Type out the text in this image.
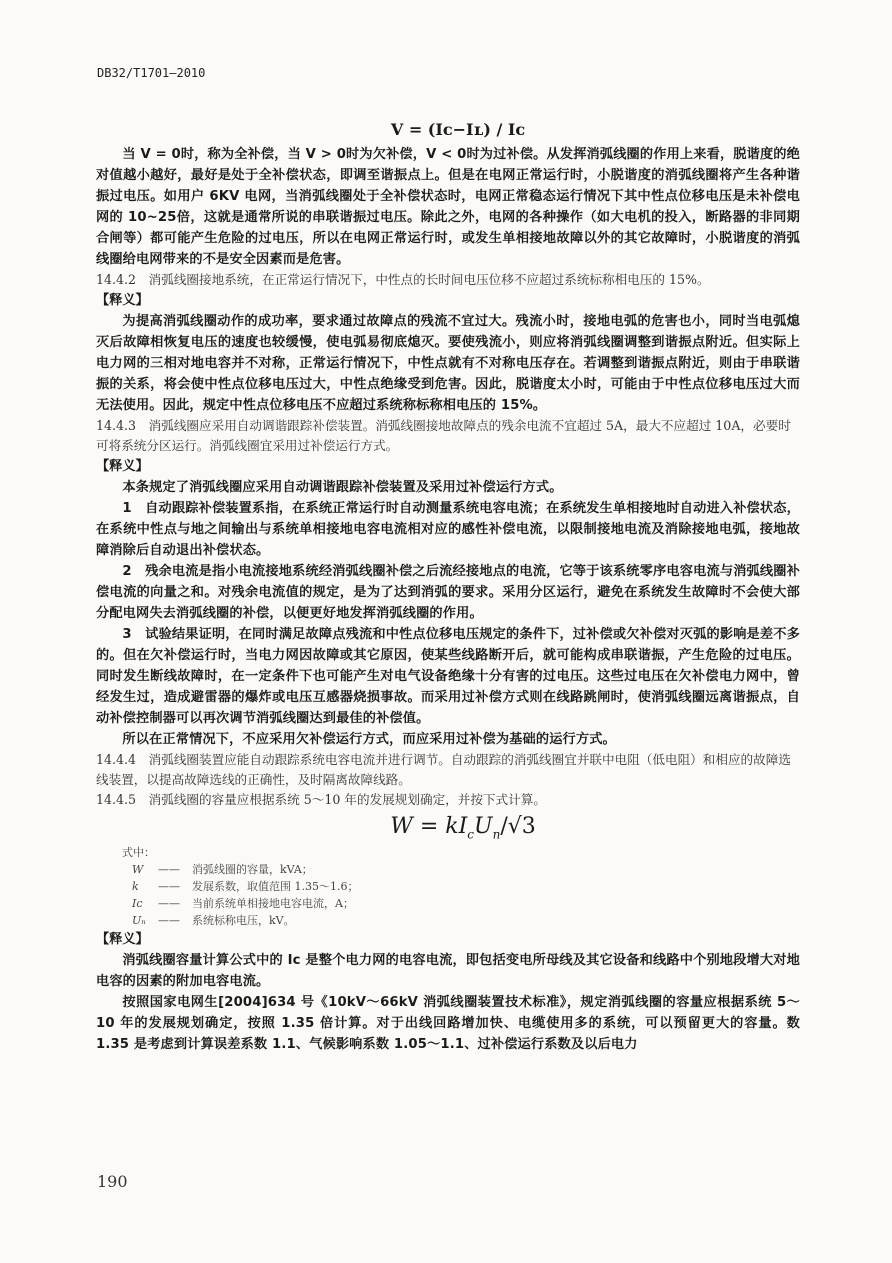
DB32/T1701—2010
V = (Iᴄ−Iʟ) / Iᴄ

当 V = 0时，称为全补偿，当 V > 0时为欠补偿，V < 0时为过补偿。从发挥消弧线圈的作用上来看，脱谐度的绝对值越小越好，最好是处于全补偿状态，即调至谐振点上。但是在电网正常运行时，小脱谐度的消弧线圈将产生各种谐振过电压。如用户 6KV 电网，当消弧线圈处于全补偿状态时，电网正常稳态运行情况下其中性点位移电压是未补偿电网的 10~25倍，这就是通常所说的串联谐振过电压。除此之外，电网的各种操作（如大电机的投入，断路器的非同期合闸等）都可能产生危险的过电压，所以在电网正常运行时，或发生单相接地故障以外的其它故障时，小脱谐度的消弧线圈给电网带来的不是安全因素而是危害。

14.4.2　消弧线圈接地系统，在正常运行情况下，中性点的长时间电压位移不应超过系统标称相电压的 15%。

【释义】

为提高消弧线圈动作的成功率，要求通过故障点的残流不宜过大。残流小时，接地电弧的危害也小，同时当电弧熄灭后故障相恢复电压的速度也较缓慢，使电弧易彻底熄灭。要使残流小，则应将消弧线圈调整到谐振点附近。但实际上电力网的三相对地电容并不对称，正常运行情况下，中性点就有不对称电压存在。若调整到谐振点附近，则由于串联谐振的关系，将会使中性点位移电压过大，中性点绝缘受到危害。因此，脱谐度太小时，可能由于中性点位移电压过大而无法使用。因此，规定中性点位移电压不应超过系统称标称相电压的 15%。

14.4.3　消弧线圈应采用自动调谐跟踪补偿装置。消弧线圈接地故障点的残余电流不宜超过 5A，最大不应超过 10A，必要时可将系统分区运行。消弧线圈宜采用过补偿运行方式。

【释义】

本条规定了消弧线圈应采用自动调谐跟踪补偿装置及采用过补偿运行方式。

1　自动跟踪补偿装置系指，在系统正常运行时自动测量系统电容电流；在系统发生单相接地时自动进入补偿状态，在系统中性点与地之间输出与系统单相接地电容电流相对应的感性补偿电流，以限制接地电流及消除接地电弧，接地故障消除后自动退出补偿状态。

2　残余电流是指小电流接地系统经消弧线圈补偿之后流经接地点的电流，它等于该系统零序电容电流与消弧线圈补偿电流的向量之和。对残余电流值的规定，是为了达到消弧的要求。采用分区运行，避免在系统发生故障时不会使大部分配电网失去消弧线圈的补偿，以便更好地发挥消弧线圈的作用。

3　试验结果证明，在同时满足故障点残流和中性点位移电压规定的条件下，过补偿或欠补偿对灭弧的影响是差不多的。但在欠补偿运行时，当电力网因故障或其它原因，使某些线路断开后，就可能构成串联谐振，产生危险的过电压。同时发生断线故障时，在一定条件下也可能产生对电气设备绝缘十分有害的过电压。这些过电压在欠补偿电力网中，曾经发生过，造成避雷器的爆炸或电压互感器烧损事故。而采用过补偿方式则在线路跳闸时，使消弧线圈远离谐振点，自动补偿控制器可以再次调节消弧线圈达到最佳的补偿值。

所以在正常情况下，不应采用欠补偿运行方式，而应采用过补偿为基础的运行方式。

14.4.4　消弧线圈装置应能自动跟踪系统电容电流并进行调节。自动跟踪的消弧线圈宜并联中电阻（低电阻）和相应的故障选线装置，以提高故障选线的正确性，及时隔离故障线路。

14.4.5　消弧线圈的容量应根据系统 5～10 年的发展规划确定，并按下式计算。

$W = kI_cU_n/√3$
式中：
W	——	消弧线圈的容量，kVA；
k	——	发展系数，取值范围 1.35～1.6；
Iᴄ	——	当前系统单相接地电容电流，A；
Uₙ	——	系统标称电压，kV。

【释义】

消弧线圈容量计算公式中的 Iᴄ 是整个电力网的电容电流，即包括变电所母线及其它设备和线路中个别地段增大对地电容的因素的附加电容电流。

按照国家电网生[2004]634 号《10kV～66kV 消弧线圈装置技术标准》，规定消弧线圈的容量应根据系统 5～10 年的发展规划确定，按照 1.35 倍计算。对于出线回路增加快、电缆使用多的系统，可以预留更大的容量。数 1.35 是考虑到计算误差系数 1.1、气候影响系数 1.05～1.1、过补偿运行系数及以后电力

190
